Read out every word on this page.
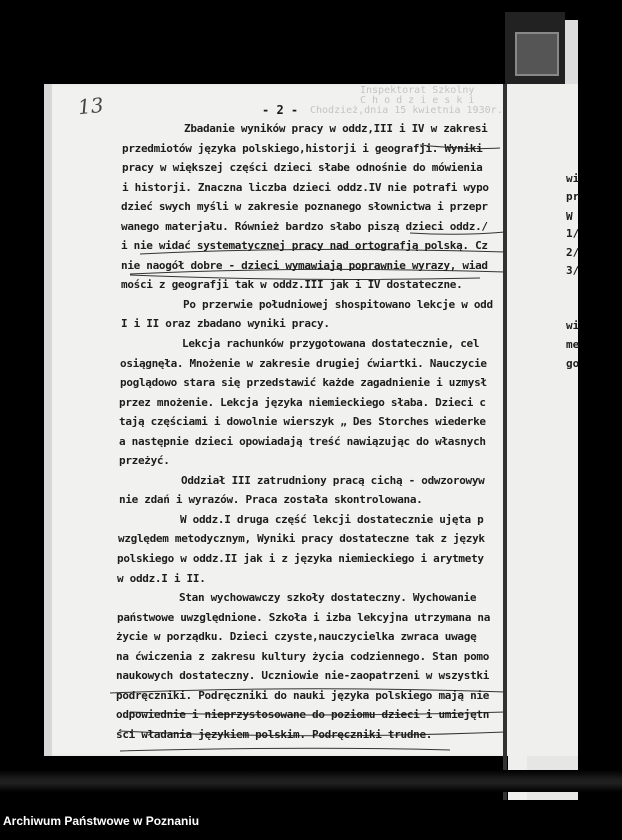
Inspektorat Szkolny
C h o d z i e s k i
Chodzież,dnia 15 kwietnia 1930r.
13	- 2 -
Zbadanie wyników pracy w oddz,III i IV w zakresi
przedmiotów języka polskiego,historji i geografji. Wyniki
pracy w większej części dzieci słabe odnośnie do mówienia
i historji. Znaczna liczba dzieci oddz.IV nie potrafi wypo
dzieć swych myśli w zakresie poznanego słownictwa i przepr
wanego materjału. Również bardzo słabo piszą dzieci oddz./
i nie widać systematycznej pracy nad ortografją polską. Cz
nie naogół dobre - dzieci wymawiają poprawnie wyrazy, wiad
mości z geografji tak w oddz.III jak i IV dostateczne.
Po przerwie południowej shospitowano lekcje w odd
I i II oraz zbadano wyniki pracy.
Lekcja rachunków przygotowana dostatecznie, cel
osiągnęła. Mnożenie w zakresie drugiej ćwiartki. Nauczycie
poglądowo stara się przedstawić każde zagadnienie i uzmysł
przez mnożenie. Lekcja języka niemieckiego słaba. Dzieci c
tają częściami i dowolnie wierszyk „ Des Storches wiederke
a następnie dzieci opowiadają treść nawiązując do własnych
przeżyć.
Oddział III zatrudniony pracą cichą - odwzorowyw
nie zdań i wyrazów. Praca została skontrolowana.
W oddz.I druga część lekcji dostatecznie ujęta p
względem metodycznym, Wyniki pracy dostateczne tak z język
polskiego w oddz.II jak i z języka niemieckiego i arytmety
w oddz.I i II.
Stan wychowawczy szkoły dostateczny. Wychowanie
państwowe uwzględnione. Szkoła i izba lekcyjna utrzymana na
życie w porządku. Dzieci czyste,nauczycielka zwraca uwagę
na ćwiczenia z zakresu kultury życia codziennego. Stan pomo
naukowych dostateczny. Uczniowie nie-zaopatrzeni w wszystki
podręczniki. Podręczniki do nauki języka polskiego mają nie
odpowiednie i nieprzystosowane do poziomu dzieci i umiejętn
ści władania językiem polskim. Podręczniki trudne.
wi
pr
W
1/
2/
3/
wi
me
go
Archiwum Państwowe w Poznaniu
